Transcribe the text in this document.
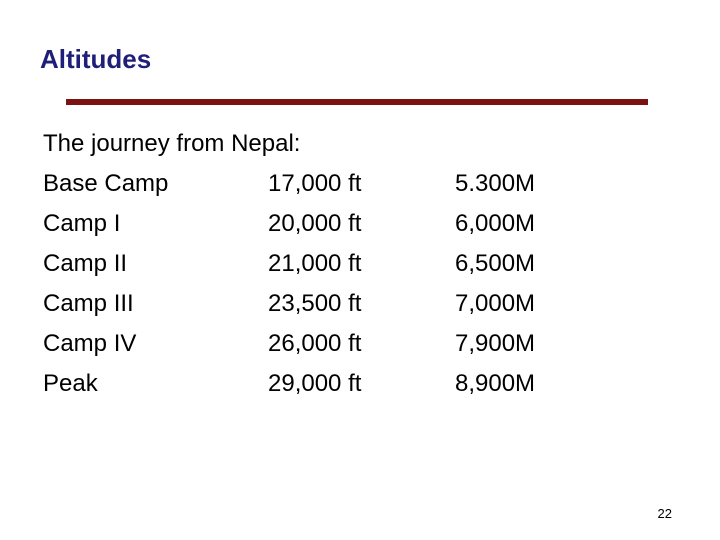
Altitudes
The journey from Nepal:
Base Camp	17,000 ft	5.300M
Camp I	20,000 ft	6,000M
Camp II	21,000 ft	6,500M
Camp III	23,500 ft	7,000M
Camp IV	26,000 ft	7,900M
Peak	29,000 ft	8,900M
22
